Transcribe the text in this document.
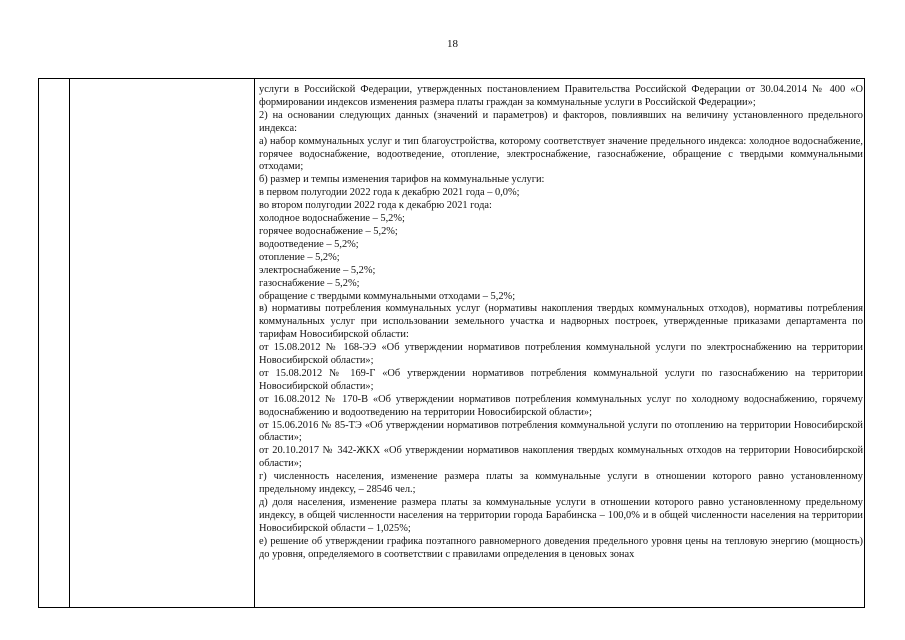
18

услуги в Российской Федерации, утвержденных постановлением Правительства Российской Федерации от 30.04.2014 № 400 «О формировании индексов изменения размера платы граждан за коммунальные услуги в Российской Федерации»;

2) на основании следующих данных (значений и параметров) и факторов, повлиявших на величину установленного предельного индекса:

а) набор коммунальных услуг и тип благоустройства, которому соответствует значение предельного индекса: холодное водоснабжение, горячее водоснабжение, водоотведение, отопление, электроснабжение, газоснабжение, обращение с твердыми коммунальными отходами;

б) размер и темпы изменения тарифов на коммунальные услуги:

в первом полугодии 2022 года к декабрю 2021 года – 0,0%;

во втором полугодии 2022 года к декабрю 2021 года:

холодное водоснабжение – 5,2%;

горячее водоснабжение – 5,2%;

водоотведение – 5,2%;

отопление – 5,2%;

электроснабжение – 5,2%;

газоснабжение – 5,2%;

обращение с твердыми коммунальными отходами – 5,2%;

в) нормативы потребления коммунальных услуг (нормативы накопления твердых коммунальных отходов), нормативы потребления коммунальных услуг при использовании земельного участка и надворных построек, утвержденные приказами департамента по тарифам Новосибирской области:

от 15.08.2012 № 168-ЭЭ «Об утверждении нормативов потребления коммунальной услуги по электроснабжению на территории Новосибирской области»;

от 15.08.2012 № 169-Г «Об утверждении нормативов потребления коммунальной услуги по газоснабжению на территории Новосибирской области»;

от 16.08.2012 № 170-В «Об утверждении нормативов потребления коммунальных услуг по холодному водоснабжению, горячему водоснабжению и водоотведению на территории Новосибирской области»;

от 15.06.2016 № 85-ТЭ «Об утверждении нормативов потребления коммунальной услуги по отоплению на территории Новосибирской области»;

от 20.10.2017 № 342-ЖКХ «Об утверждении нормативов накопления твердых коммунальных отходов на территории Новосибирской области»;

г) численность населения, изменение размера платы за коммунальные услуги в отношении которого равно установленному предельному индексу, – 28546 чел.;

д) доля населения, изменение размера платы за коммунальные услуги в отношении которого равно установленному предельному индексу, в общей численности населения на территории города Барабинска – 100,0% и в общей численности населения на территории Новосибирской области – 1,025%;

е) решение об утверждении графика поэтапного равномерного доведения предельного уровня цены на тепловую энергию (мощность) до уровня, определяемого в соответствии с правилами определения в ценовых зонах
